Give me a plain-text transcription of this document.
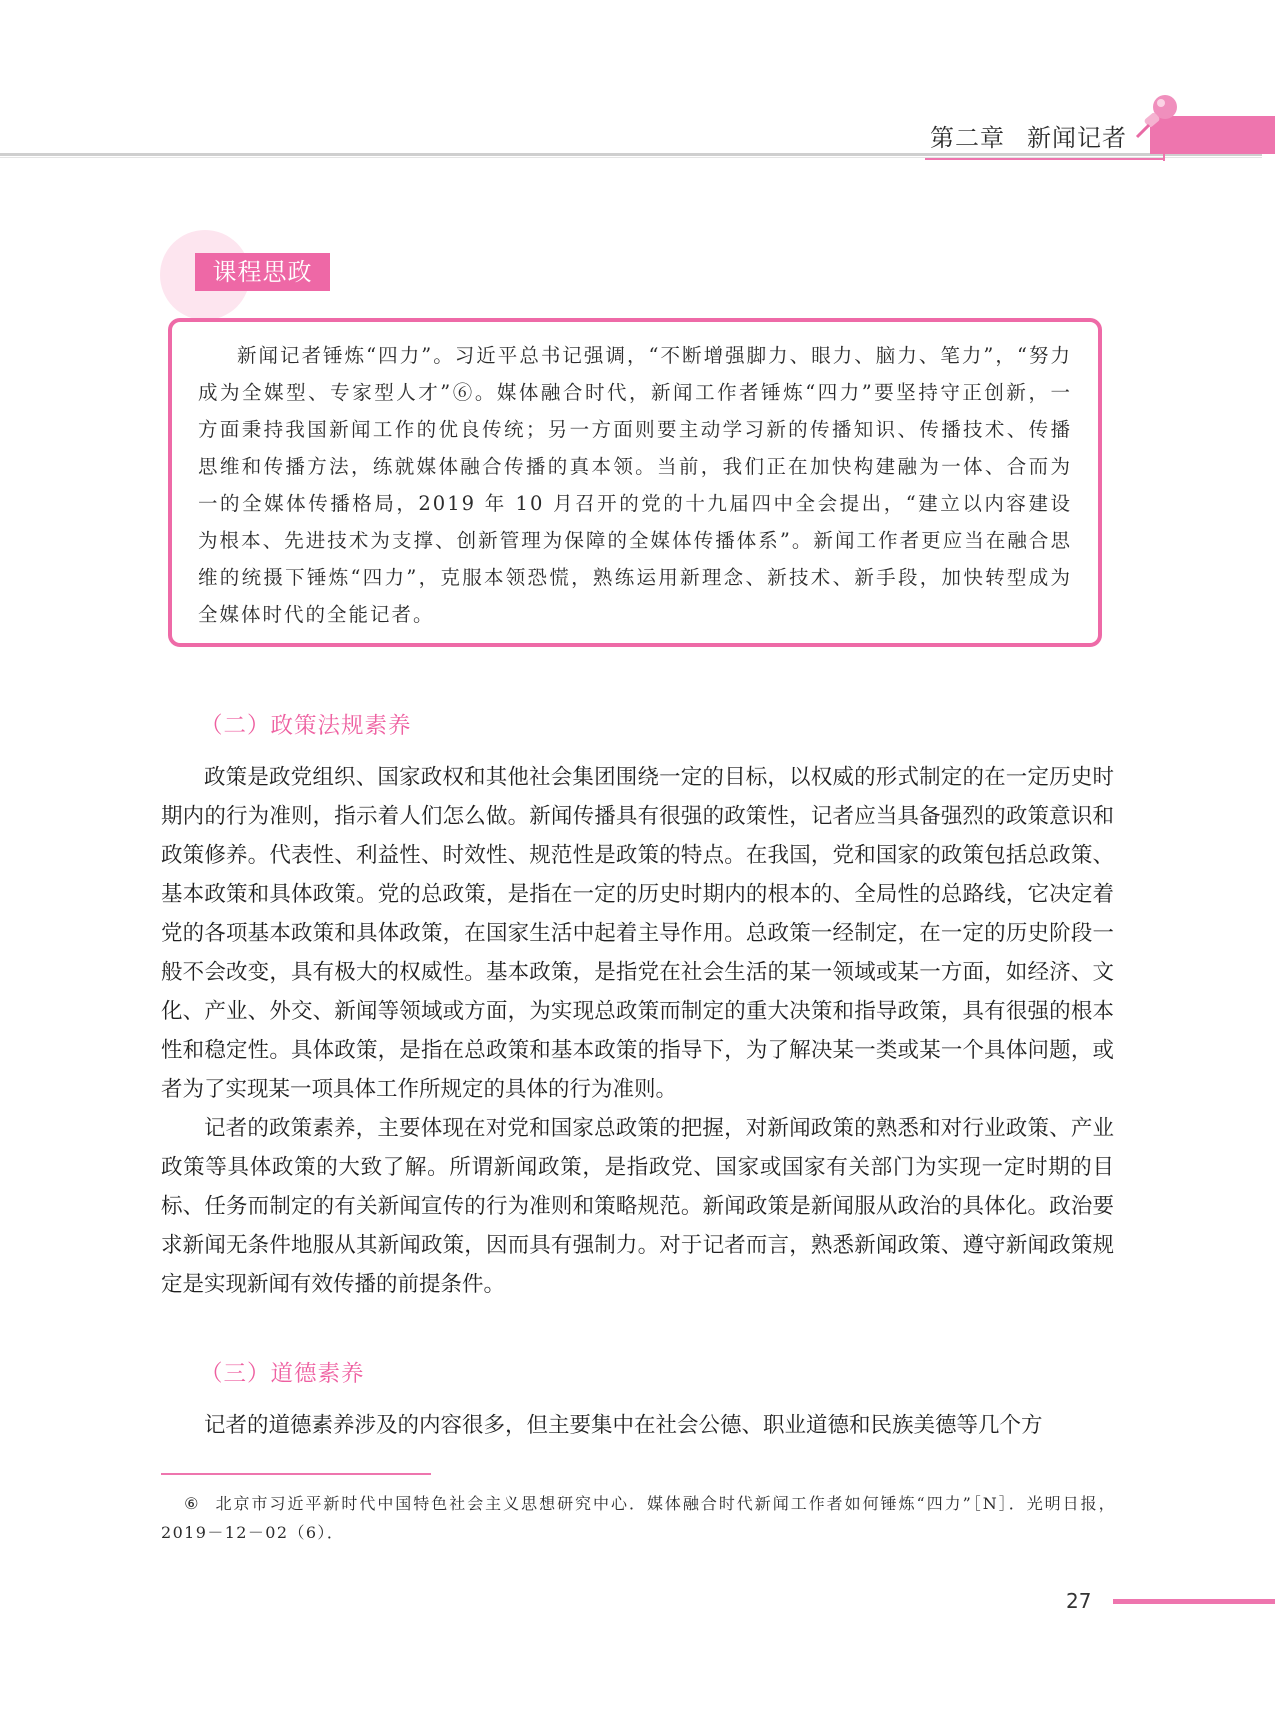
第二章 新闻记者

新闻记者锤炼“四力”。习近平总书记强调，“不断增强脚力、眼力、脑力、笔力”，“努力成为全媒型、专家型人才”⑥。媒体融合时代，新闻工作者锤炼“四力”要坚持守正创新，一方面秉持我国新闻工作的优良传统；另一方面则要主动学习新的传播知识、传播技术、传播思维和传播方法，练就媒体融合传播的真本领。当前，我们正在加快构建融为一体、合而为一的全媒体传播格局，2019 年 10 月召开的党的十九届四中全会提出，“建立以内容建设为根本、先进技术为支撑、创新管理为保障的全媒体传播体系”。新闻工作者更应当在融合思维的统摄下锤炼“四力”，克服本领恐慌，熟练运用新理念、新技术、新手段，加快转型成为全媒体时代的全能记者。

课程思政
（二）政策法规素养

政策是政党组织、国家政权和其他社会集团围绕一定的目标，以权威的形式制定的在一定历史时期内的行为准则，指示着人们怎么做。新闻传播具有很强的政策性，记者应当具备强烈的政策意识和政策修养。代表性、利益性、时效性、规范性是政策的特点。在我国，党和国家的政策包括总政策、基本政策和具体政策。党的总政策，是指在一定的历史时期内的根本的、全局性的总路线，它决定着党的各项基本政策和具体政策，在国家生活中起着主导作用。总政策一经制定，在一定的历史阶段一般不会改变，具有极大的权威性。基本政策，是指党在社会生活的某一领域或某一方面，如经济、文化、产业、外交、新闻等领域或方面，为实现总政策而制定的重大决策和指导政策，具有很强的根本性和稳定性。具体政策，是指在总政策和基本政策的指导下，为了解决某一类或某一个具体问题，或者为了实现某一项具体工作所规定的具体的行为准则。

记者的政策素养，主要体现在对党和国家总政策的把握，对新闻政策的熟悉和对行业政策、产业政策等具体政策的大致了解。所谓新闻政策，是指政党、国家或国家有关部门为实现一定时期的目标、任务而制定的有关新闻宣传的行为准则和策略规范。新闻政策是新闻服从政治的具体化。政治要求新闻无条件地服从其新闻政策，因而具有强制力。对于记者而言，熟悉新闻政策、遵守新闻政策规定是实现新闻有效传播的前提条件。

（三）道德素养

记者的道德素养涉及的内容很多，但主要集中在社会公德、职业道德和民族美德等几个方

⑥ 北京市习近平新时代中国特色社会主义思想研究中心．媒体融合时代新闻工作者如何锤炼“四力”［N］．光明日报，2019－12－02（6）．
27
